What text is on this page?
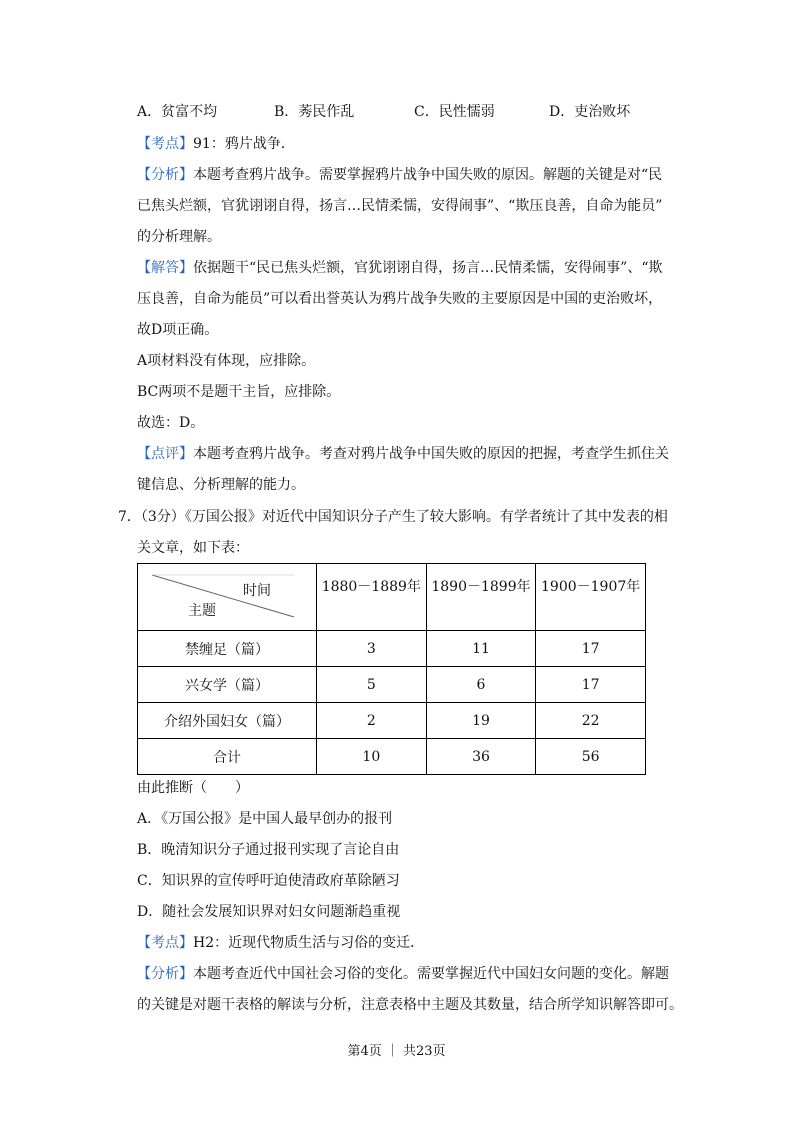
A．贫富不均	B．莠民作乱	C．民性懦弱	D．吏治败坏
【考点】91：鸦片战争．
【分析】本题考查鸦片战争。需要掌握鸦片战争中国失败的原因。解题的关键是对“民
已焦头烂额，官犹诩诩自得，扬言…民情柔懦，安得闹事”、“欺压良善，自命为能员”
的分析理解。
【解答】依据题干“民已焦头烂额，官犹诩诩自得，扬言…民情柔懦，安得闹事”、“欺
压良善，自命为能员”可以看出誉英认为鸦片战争失败的主要原因是中国的吏治败坏，
故D项正确。
A项材料没有体现，应排除。
BC两项不是题干主旨，应排除。
故选：D。
【点评】本题考查鸦片战争。考查对鸦片战争中国失败的原因的把握，考查学生抓住关
键信息、分析理解的能力。
7．（3分）《万国公报》对近代中国知识分子产生了较大影响。有学者统计了其中发表的相
关文章，如下表：
时间
主题	1880－1889年	1890－1899年	1900－1907年

禁缠足（篇）	3	11	17
兴女学（篇）	5	6	17
介绍外国妇女（篇）	2	19	22
合计	10	36	56
由此推断（　　）
A．《万国公报》是中国人最早创办的报刊
B．晚清知识分子通过报刊实现了言论自由
C．知识界的宣传呼吁迫使清政府革除陋习
D．随社会发展知识界对妇女问题渐趋重视
【考点】H2：近现代物质生活与习俗的变迁．
【分析】本题考查近代中国社会习俗的变化。需要掌握近代中国妇女问题的变化。解题
的关键是对题干表格的解读与分析，注意表格中主题及其数量，结合所学知识解答即可。
第4页 ｜ 共23页
